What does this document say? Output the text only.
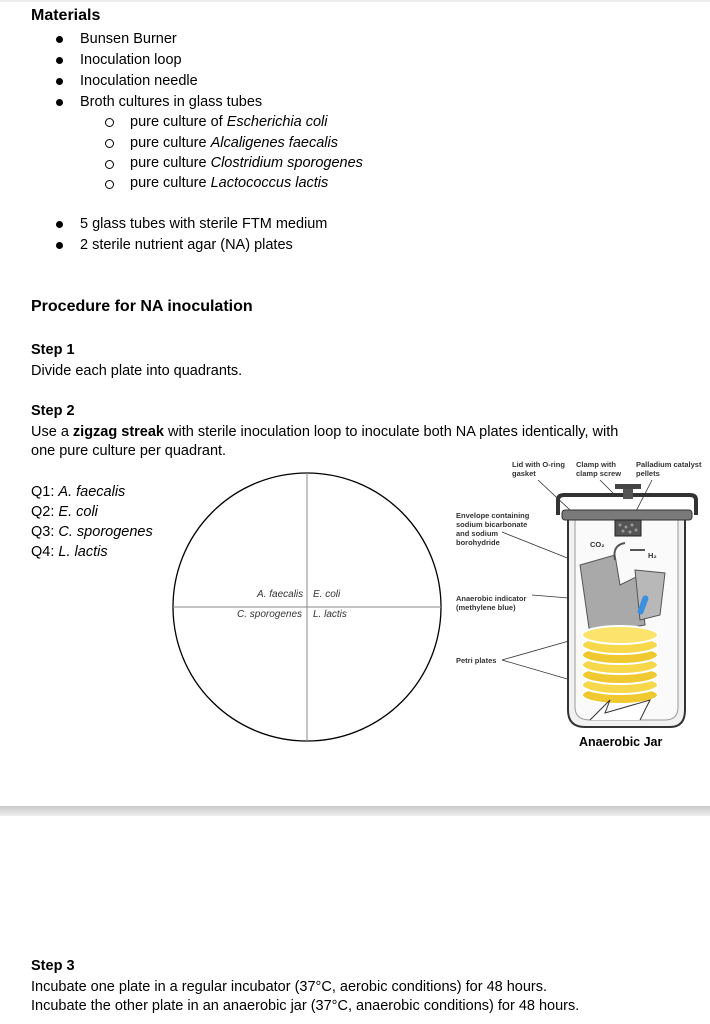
Materials
Bunsen Burner
Inoculation loop
Inoculation needle
Broth cultures in glass tubes
pure culture of Escherichia coli
pure culture Alcaligenes faecalis
pure culture Clostridium sporogenes
pure culture Lactococcus lactis
5 glass tubes with sterile FTM medium
2 sterile nutrient agar (NA) plates
Procedure for NA inoculation
Step 1
Divide each plate into quadrants.
Step 2
Use a zigzag streak with sterile inoculation loop to inoculate both NA plates identically, with
one pure culture per quadrant.
Q1: A. faecalis
Q2: E. coli
Q3: C. sporogenes
Q4: L. lactis
A. faecalis E. coli
C. sporogenes L. lactis
Lid with O-ring gasket
Clamp with clamp screw
Palladium catalyst pellets
Envelope containing sodium bicarbonate and sodium borohydride	CO₂
H₂
Anaerobic indicator (methylene blue)
Petri plates
Anaerobic Jar
Step 3
Incubate one plate in a regular incubator (37°C, aerobic conditions) for 48 hours.
Incubate the other plate in an anaerobic jar (37°C, anaerobic conditions) for 48 hours.
